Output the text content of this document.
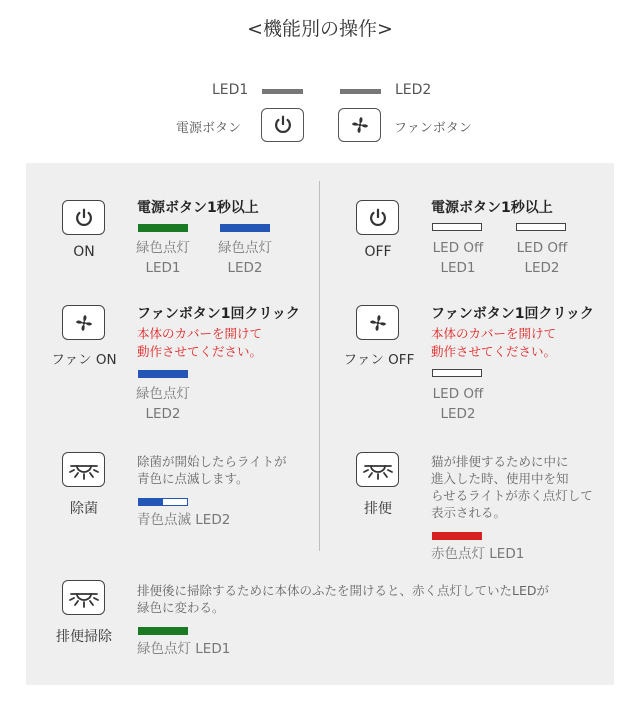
<機能別の操作>
LED1	LED2
電源ボタン	ファンボタン
ON
電源ボタン1秒以上
緑色点灯
LED1
緑色点灯
LED2
OFF
電源ボタン1秒以上
LED Off
LED1
LED Off
LED2
ファン ON
ファンボタン1回クリック
本体のカバーを開けて
動作させてください。
緑色点灯
LED2
ファン OFF
ファンボタン1回クリック
本体のカバーを開けて
動作させてください。
LED Off
LED2
除菌
除菌が開始したらライトが
青色に点滅します。
青色点滅 LED2
排便
猫が排便するために中に
進入した時、使用中を知
らせるライトが赤く点灯して
表示される。
赤色点灯 LED1
排便掃除
排便後に掃除するために本体のふたを開けると、赤く点灯していたLEDが
緑色に変わる。
緑色点灯 LED1
